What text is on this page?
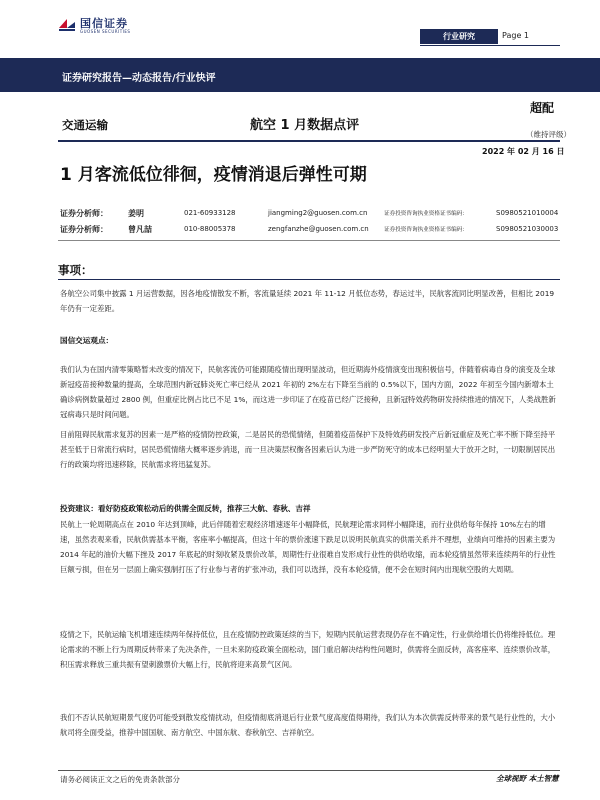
国信证券
GUOSEN SECURITIES
行业研究	Page 1
证券研究报告—动态报告/行业快评
交通运输	航空 1 月数据点评
超配
（维持评级）
2022 年 02 月 16 日
1 月客流低位徘徊，疫情消退后弹性可期
证券分析师：	姜明	021-60933128	jiangming2@guosen.com.cn	证券投资咨询执业资格证书编码：	S0980521010004
证券分析师：	曾凡喆	010-88005378	zengfanzhe@guosen.com.cn	证券投资咨询执业资格证书编码：	S0980521030003
事项：

各航空公司集中披露 1 月运营数据，因各地疫情散发不断，客流量延续 2021 年 11-12 月低位态势，春运过半，民航客流同比明显改善，但相比 2019 年仍有一定差距。

国信交运观点：

我们认为在国内清零策略暂未改变的情况下，民航客流仍可能跟随疫情出现明显波动，但近期海外疫情演变出现积极信号，伴随着病毒自身的演变及全球新冠疫苗接种数量的提高，全球范围内新冠肺炎死亡率已经从 2021 年初的 2%左右下降至当前的 0.5%以下，国内方面，2022 年初至今国内新增本土确诊病例数量超过 2800 例，但重症比例占比已不足 1%，而这进一步印证了在疫苗已经广泛接种，且新冠特效药物研发持续推进的情况下，人类战胜新冠病毒只是时间问题。

目前阻碍民航需求复苏的因素一是严格的疫情防控政策，二是居民的恐慌情绪，但随着疫苗保护下及特效药研发投产后新冠重症及死亡率不断下降至持平甚至低于日常流行病时，居民恐慌情绪大概率逐步消退，而一旦决策层权衡各因素后认为进一步严防死守的成本已经明显大于放开之时，一切限制居民出行的政策均将迅速移除，民航需求将迅猛复苏。

投资建议：看好防疫政策松动后的供需全面反转，推荐三大航、春秋、吉祥

民航上一轮周期高点在 2010 年达到顶峰，此后伴随着宏观经济增速逐年小幅降低，民航理论需求同样小幅降速，而行业供给每年保持 10%左右的增速，虽然表观来看，民航供需基本平衡，客座率小幅提高，但这十年的票价涨速下跌足以说明民航真实的供需关系并不理想，业绩向可维持的因素主要为 2014 年起的油价大幅下挫及 2017 年底起的时刻收紧及票价改革，周期性行业很难自发形成行业性的供给收缩，而本轮疫情虽然带来连续两年的行业性巨额亏损，但在另一层面上确实强制打压了行业参与者的扩张冲动，我们可以选择，没有本轮疫情，便不会在短时间内出现航空股的大周期。

疫情之下，民航运输飞机增速连续两年保持低位，且在疫情防控政策延续的当下，短期内民航运营表现仍存在不确定性，行业供给增长仍将维持低位。理论需求的不断上行为周期反转带来了先决条件，一旦未来防疫政策全面松动，国门重启解决结构性问题时，供需将全面反转，高客座率、连续票价改革，积压需求释放三重共振有望刺激票价大幅上行，民航将迎来高景气区间。

我们不否认民航短期景气度仍可能受到散发疫情扰动，但疫情彻底消退后行业景气度高度值得期待，我们认为本次供需反转带来的景气是行业性的，大小航司将全面受益，推荐中国国航、南方航空、中国东航、春秋航空、吉祥航空。

请务必阅读正文之后的免责条款部分	全球视野 本土智慧
